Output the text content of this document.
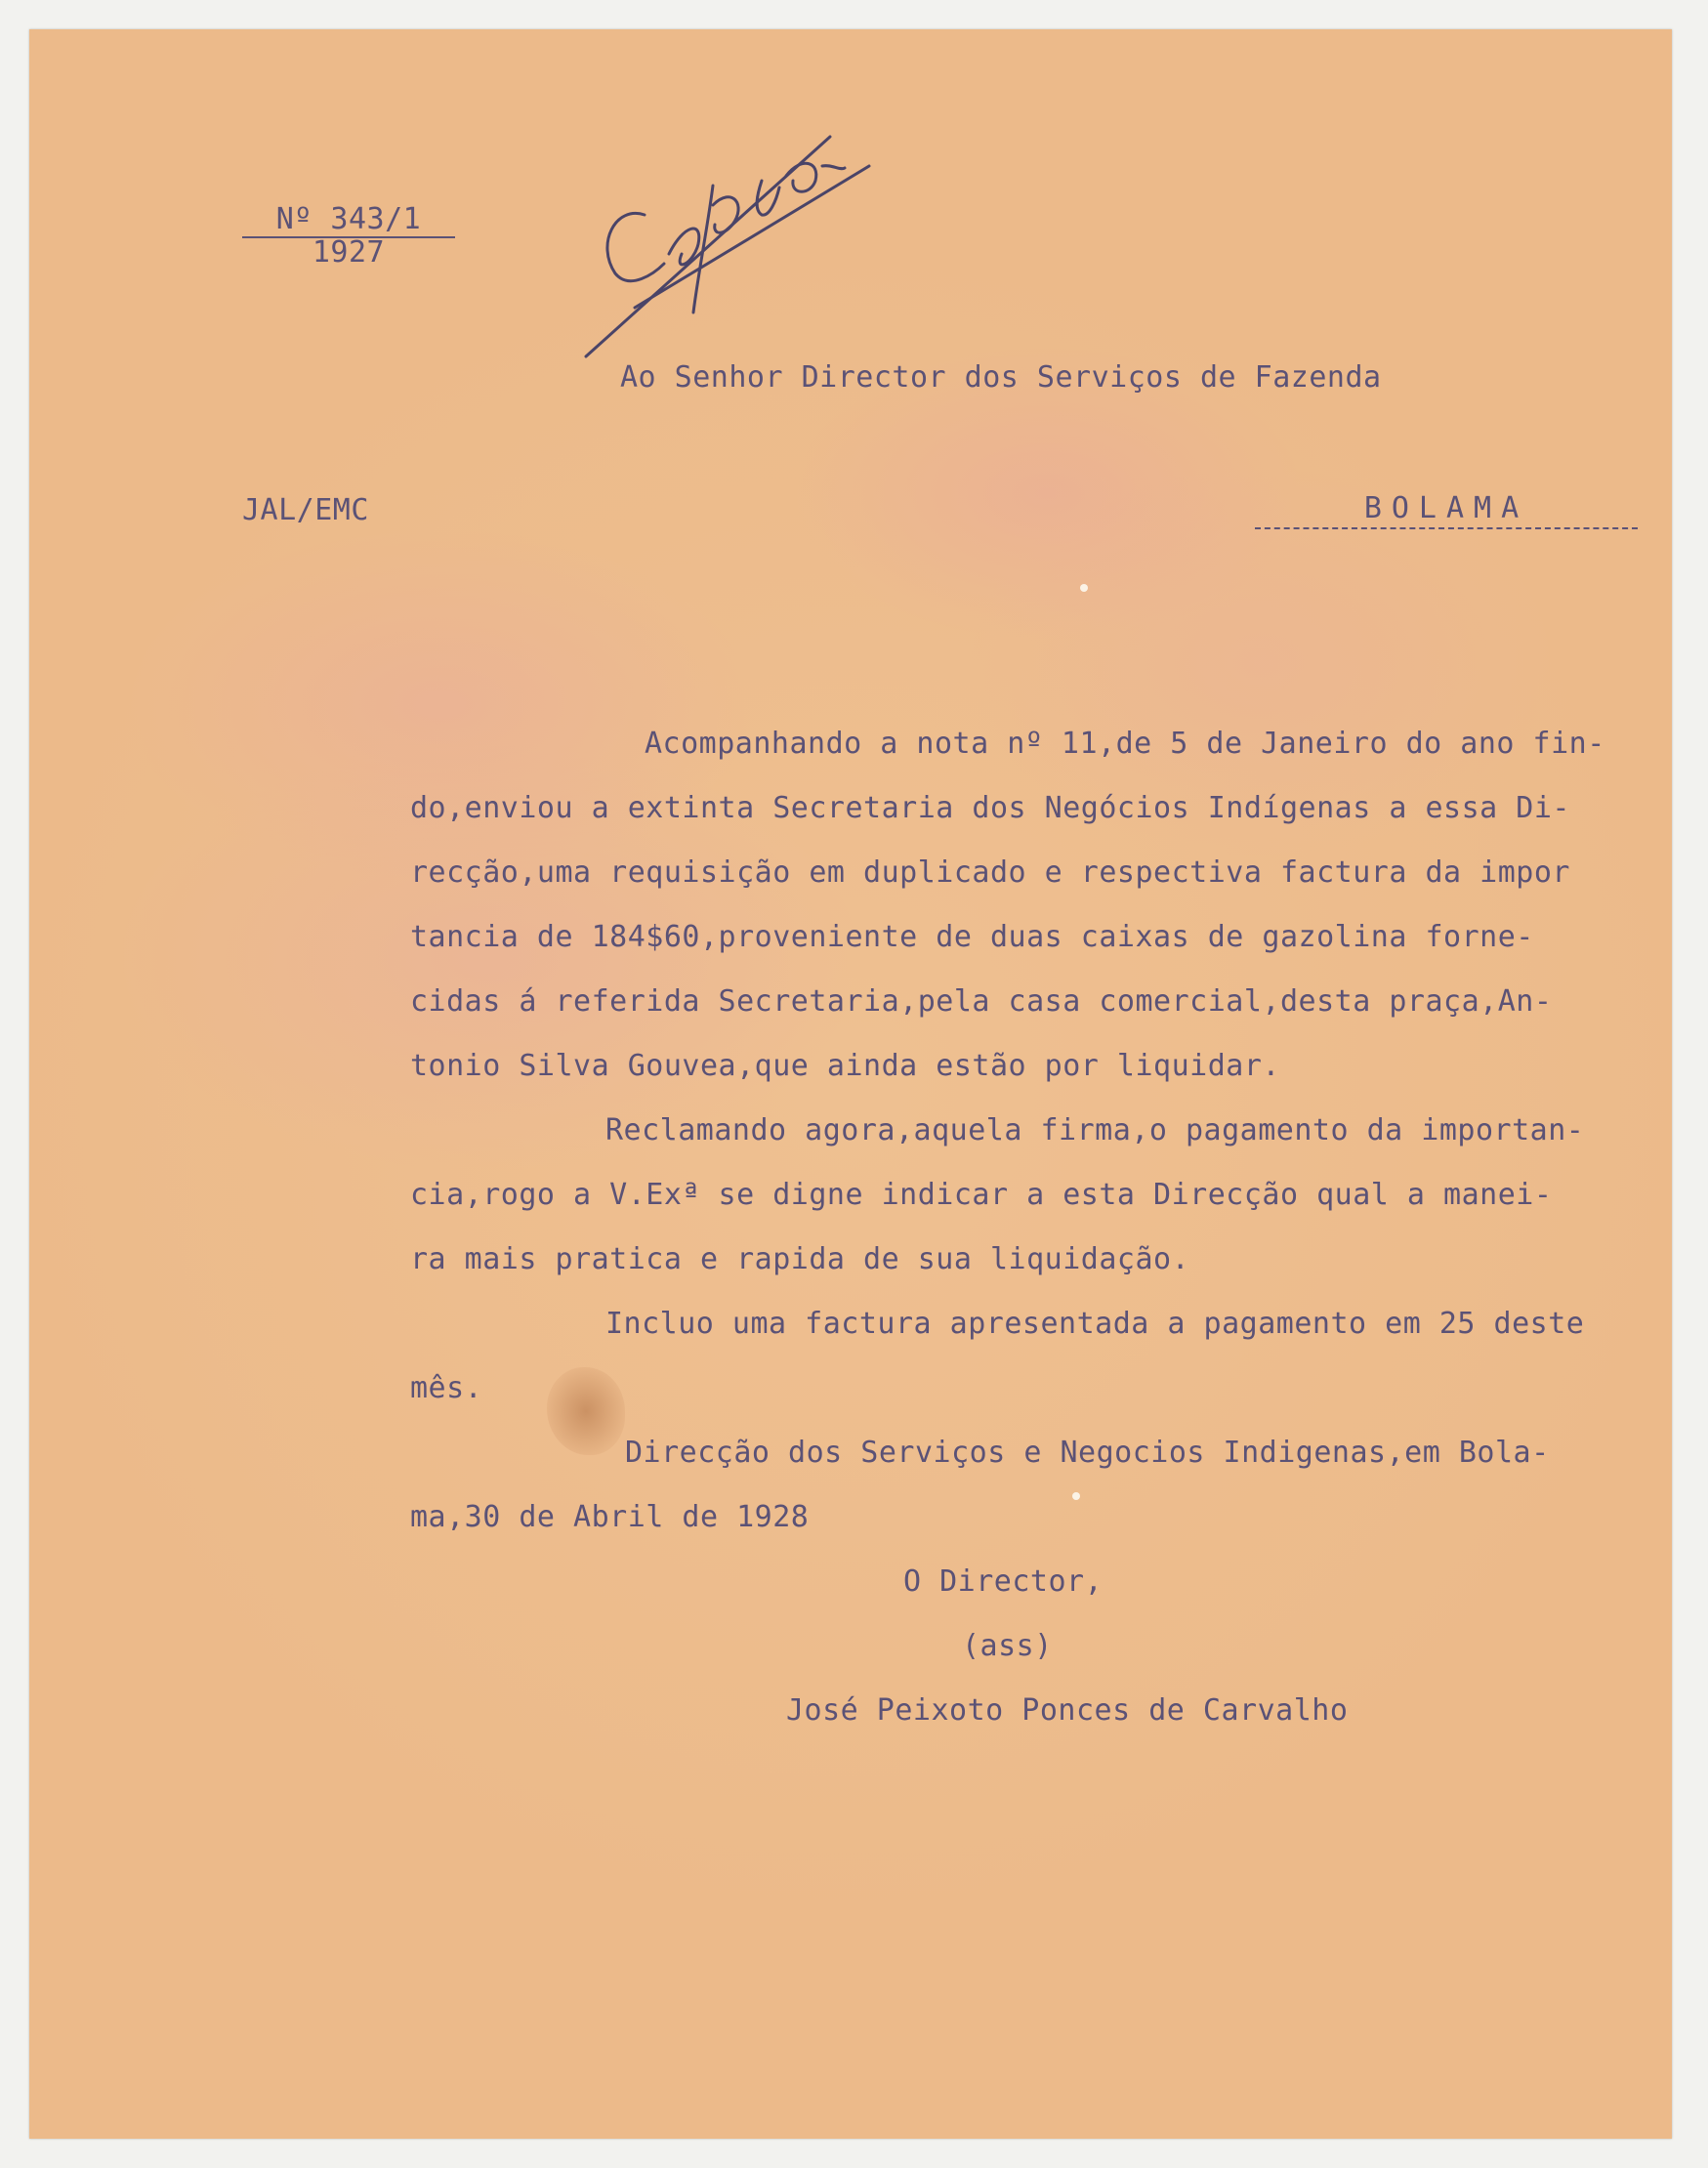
Nº 343/1
1927
Ao Senhor Director dos Serviços de Fazenda
JAL/EMC	BOLAMA
Acompanhando a nota nº 11,de 5 de Janeiro do ano fin-
do,enviou a extinta Secretaria dos Negócios Indígenas a essa Di-
recção,uma requisição em duplicado e respectiva factura da impor
tancia de 184$60,proveniente de duas caixas de gazolina forne-
cidas á referida Secretaria,pela casa comercial,desta praça,An-
tonio Silva Gouvea,que ainda estão por liquidar.
Reclamando agora,aquela firma,o pagamento da importan-
cia,rogo a V.Exª se digne indicar a esta Direcção qual a manei-
ra mais pratica e rapida de sua liquidação.
Incluo uma factura apresentada a pagamento em 25 deste
mês.
Direcção dos Serviços e Negocios Indigenas,em Bola-
ma,30 de Abril de 1928
O Director,
(ass)
José Peixoto Ponces de Carvalho
